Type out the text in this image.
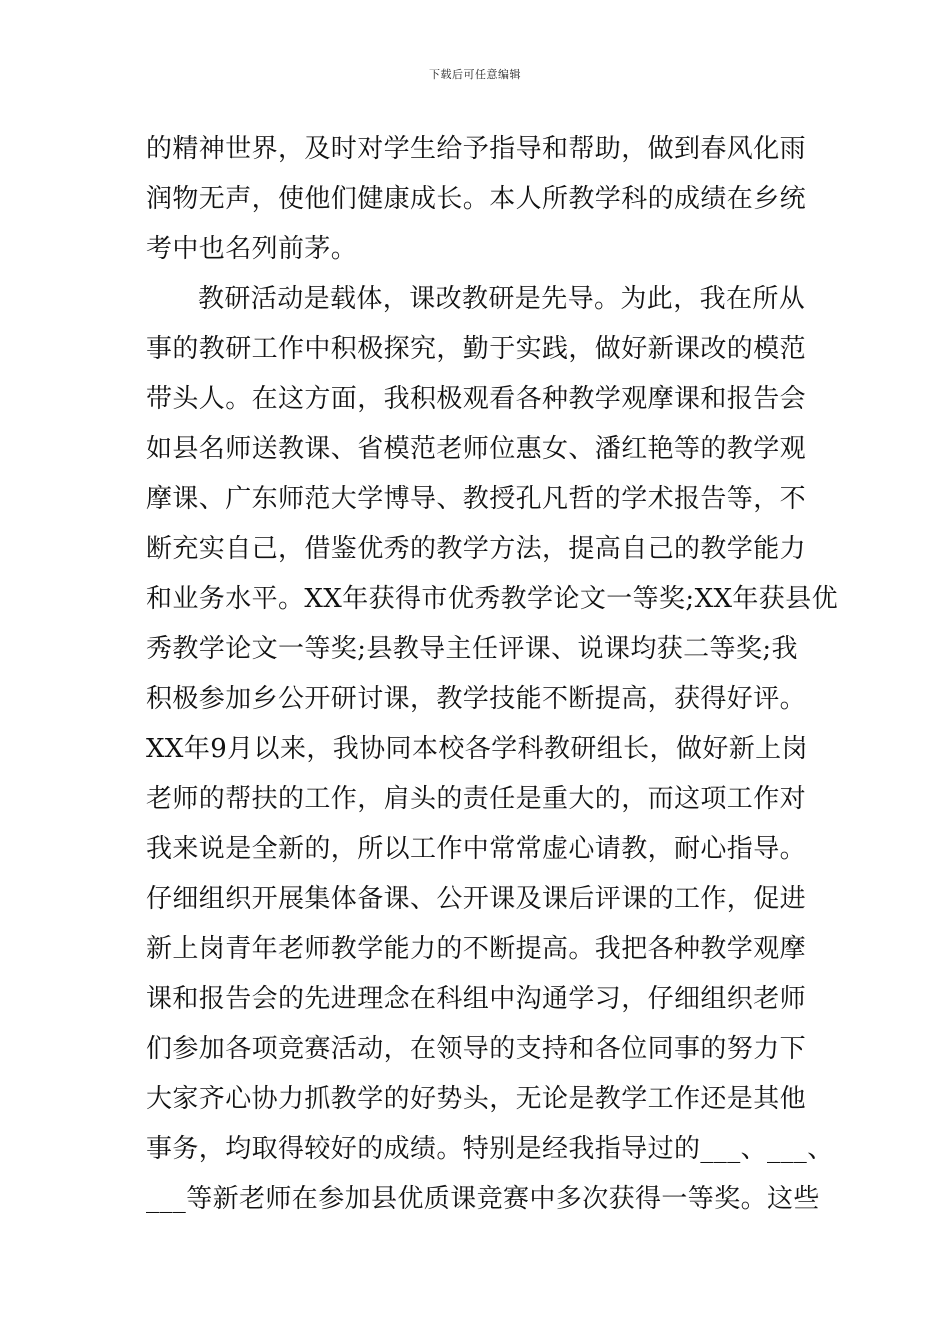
下载后可任意编辑
的精神世界，及时对学生给予指导和帮助，做到春风化雨
润物无声，使他们健康成长。本人所教学科的成绩在乡统
考中也名列前茅。
教研活动是载体，课改教研是先导。为此，我在所从
事的教研工作中积极探究，勤于实践，做好新课改的模范
带头人。在这方面，我积极观看各种教学观摩课和报告会
如县名师送教课、省模范老师位惠女、潘红艳等的教学观
摩课、广东师范大学博导、教授孔凡哲的学术报告等，不
断充实自己，借鉴优秀的教学方法，提高自己的教学能力
和业务水平。XX年获得市优秀教学论文一等奖;XX年获县优
秀教学论文一等奖;县教导主任评课、说课均获二等奖;我
积极参加乡公开研讨课，教学技能不断提高，获得好评。
XX年9月以来，我协同本校各学科教研组长，做好新上岗
老师的帮扶的工作，肩头的责任是重大的，而这项工作对
我来说是全新的，所以工作中常常虚心请教，耐心指导。
仔细组织开展集体备课、公开课及课后评课的工作，促进
新上岗青年老师教学能力的不断提高。我把各种教学观摩
课和报告会的先进理念在科组中沟通学习，仔细组织老师
们参加各项竞赛活动，在领导的支持和各位同事的努力下
大家齐心协力抓教学的好势头，无论是教学工作还是其他
事务，均取得较好的成绩。特别是经我指导过的___、___、
___等新老师在参加县优质课竞赛中多次获得一等奖。这些
